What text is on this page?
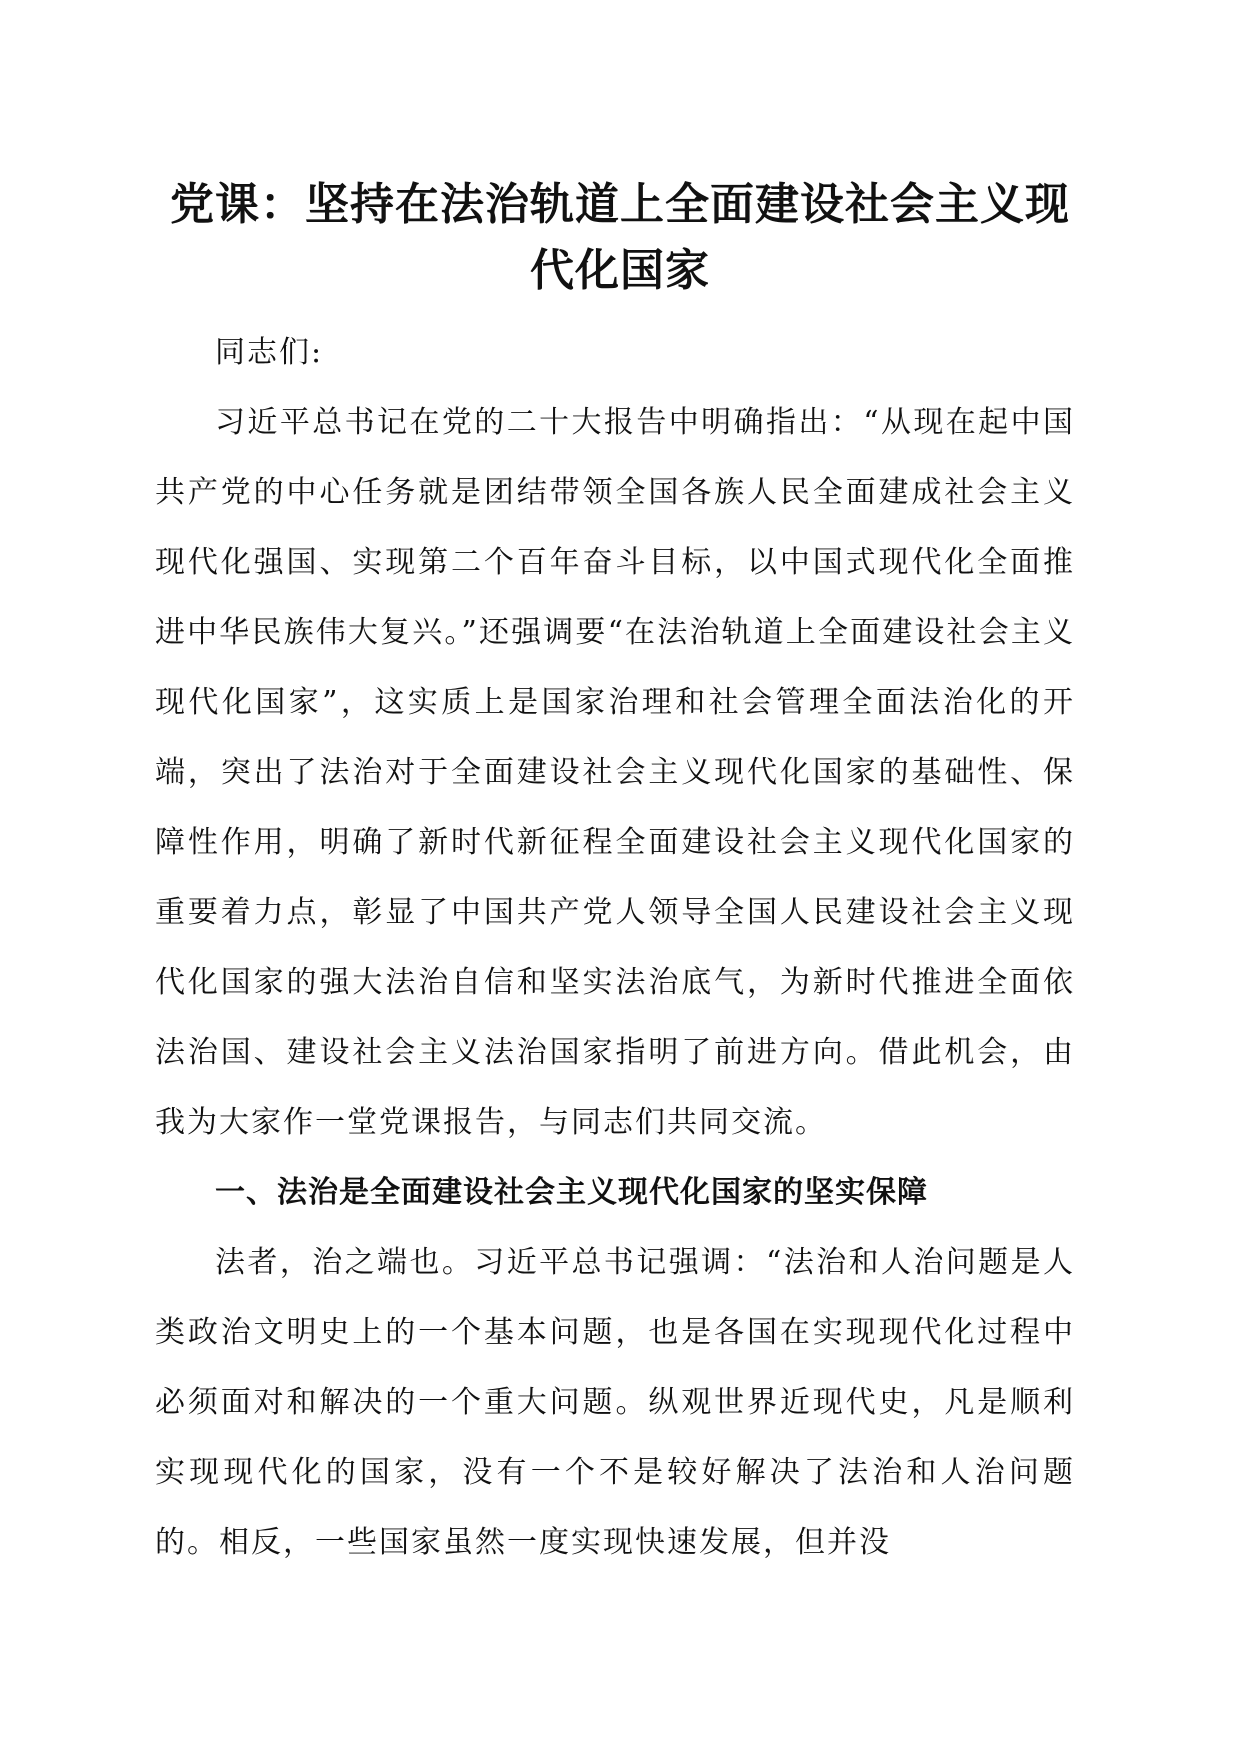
党课：坚持在法治轨道上全面建设社会主义现
代化国家

同志们:

习近平总书记在党的二十大报告中明确指出：“从现在起中国共产党的中心任务就是团结带领全国各族人民全面建成社会主义现代化强国、实现第二个百年奋斗目标，以中国式现代化全面推进中华民族伟大复兴。”还强调要“在法治轨道上全面建设社会主义现代化国家”，这实质上是国家治理和社会管理全面法治化的开端，突出了法治对于全面建设社会主义现代化国家的基础性、保障性作用，明确了新时代新征程全面建设社会主义现代化国家的重要着力点，彰显了中国共产党人领导全国人民建设社会主义现代化国家的强大法治自信和坚实法治底气，为新时代推进全面依法治国、建设社会主义法治国家指明了前进方向。借此机会，由我为大家作一堂党课报告，与同志们共同交流。

一、法治是全面建设社会主义现代化国家的坚实保障

法者，治之端也。习近平总书记强调：“法治和人治问题是人类政治文明史上的一个基本问题，也是各国在实现现代化过程中必须面对和解决的一个重大问题。纵观世界近现代史，凡是顺利实现现代化的国家，没有一个不是较好解决了法治和人治问题的。相反，一些国家虽然一度实现快速发展，但并没
